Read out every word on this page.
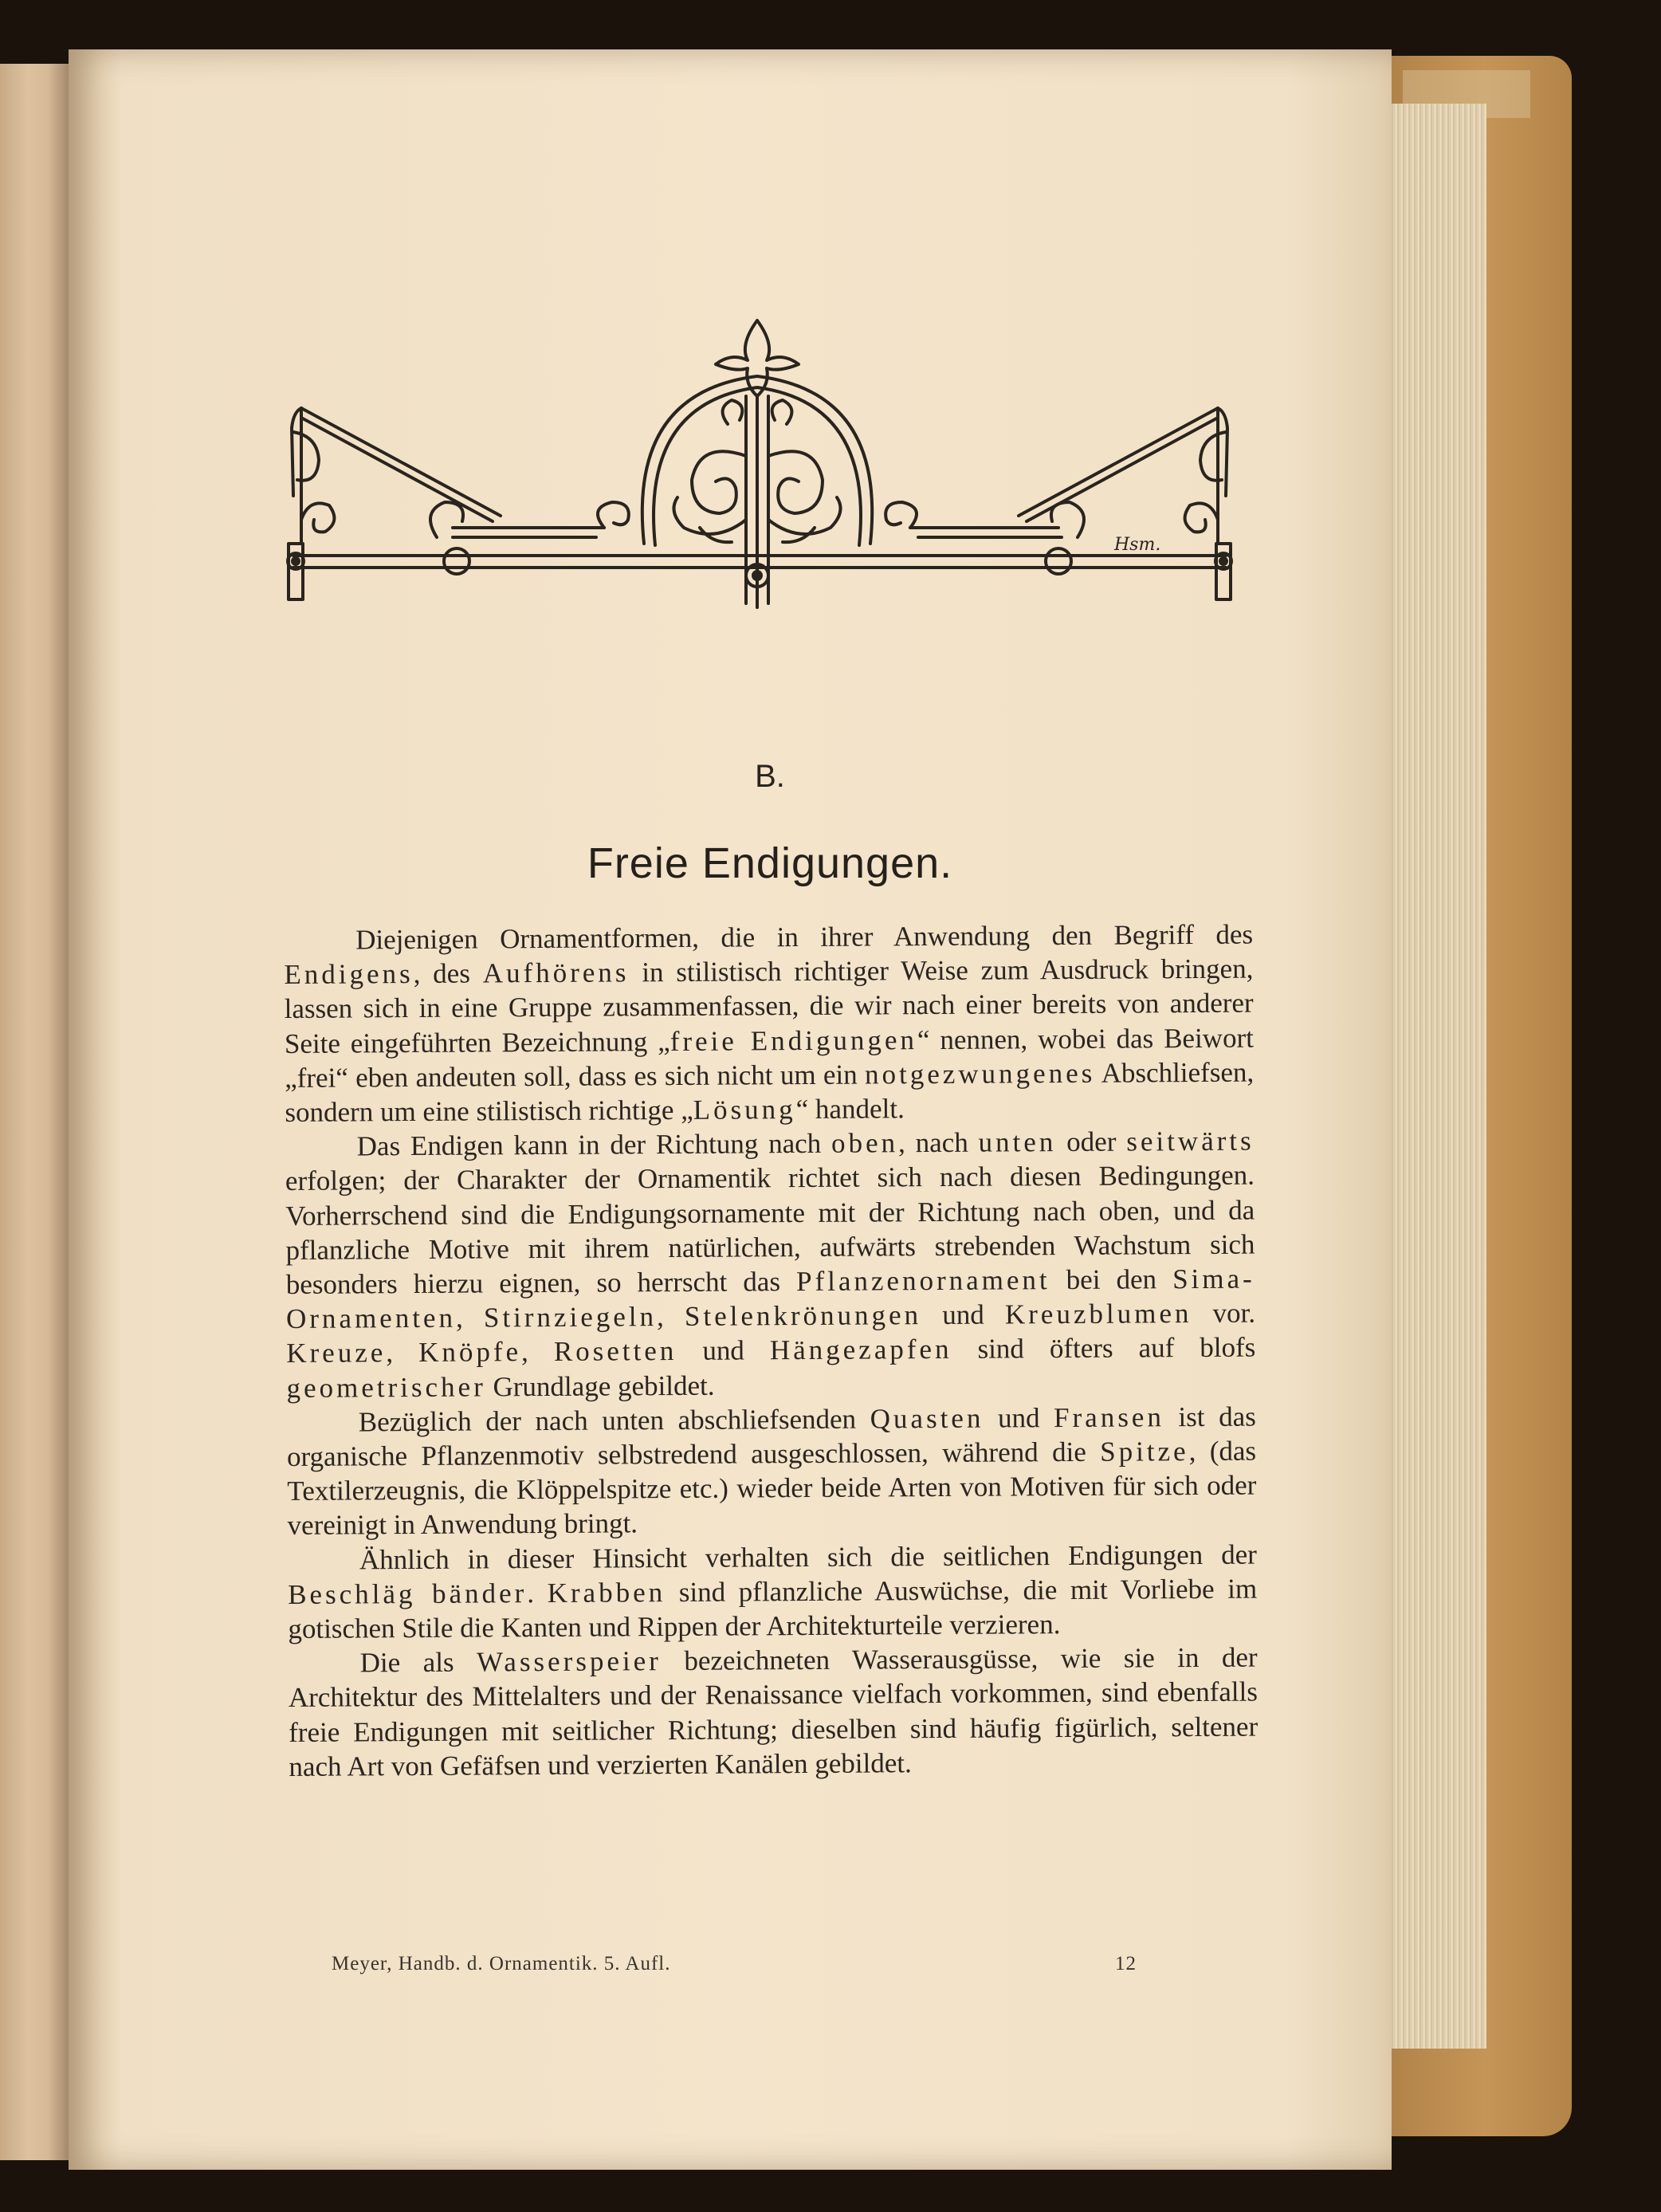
Hsm.
B.
Freie Endigungen.

Diejenigen Ornamentformen, die in ihrer Anwendung den Begriff des Endigens, des Aufhörens in stilistisch richtiger Weise zum Ausdruck bringen, lassen sich in eine Gruppe zusammenfassen, die wir nach einer bereits von anderer Seite eingeführten Bezeichnung „freie Endigungen“ nennen, wobei das Beiwort „frei“ eben andeuten soll, dass es sich nicht um ein notgezwungenes Abschliefsen, sondern um eine stilistisch richtige „Lösung“ handelt.

Das Endigen kann in der Richtung nach oben, nach unten oder seitwärts erfolgen; der Charakter der Ornamentik richtet sich nach diesen Bedingungen. Vorherrschend sind die Endigungsornamente mit der Richtung nach oben, und da pflanzliche Motive mit ihrem natürlichen, aufwärts strebenden Wachstum sich besonders hierzu eignen, so herrscht das Pflanzenornament bei den Sima-Ornamenten, Stirnziegeln, Stelenkrönungen und Kreuzblumen vor. Kreuze, Knöpfe, Rosetten und Hängezapfen sind öfters auf blofs geometrischer Grundlage gebildet.

Bezüglich der nach unten abschliefsenden Quasten und Fransen ist das organische Pflanzenmotiv selbstredend ausgeschlossen, während die Spitze, (das Textilerzeugnis, die Klöppelspitze etc.) wieder beide Arten von Motiven für sich oder vereinigt in Anwendung bringt.

Ähnlich in dieser Hinsicht verhalten sich die seitlichen Endigungen der Beschläg bänder. Krabben sind pflanzliche Auswüchse, die mit Vorliebe im gotischen Stile die Kanten und Rippen der Architekturteile verzieren.

Die als Wasserspeier bezeichneten Wasserausgüsse, wie sie in der Architektur des Mittelalters und der Renaissance vielfach vorkommen, sind ebenfalls freie Endigungen mit seitlicher Richtung; dieselben sind häufig figürlich, seltener nach Art von Gefäfsen und verzierten Kanälen gebildet.

Meyer, Handb. d. Ornamentik. 5. Aufl.	12
